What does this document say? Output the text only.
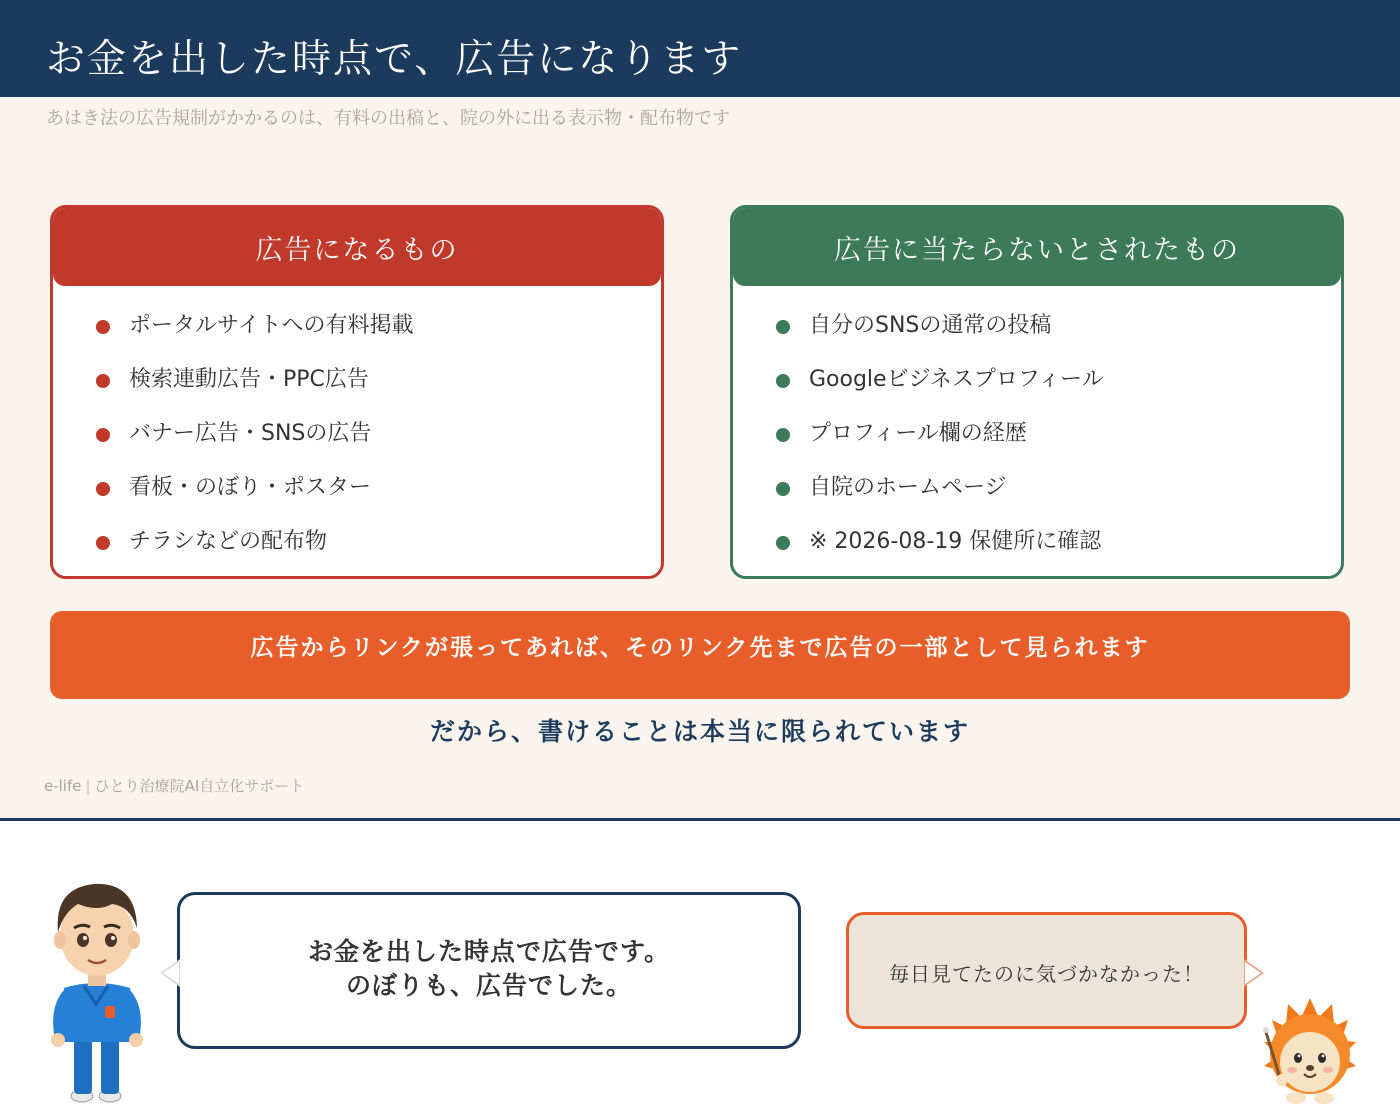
お金を出した時点で、広告になります
あはき法の広告規制がかかるのは、有料の出稿と、院の外に出る表示物・配布物です
広告になるもの
ポータルサイトへの有料掲載
検索連動広告・PPC広告
バナー広告・SNSの広告
看板・のぼり・ポスター
チラシなどの配布物
広告に当たらないとされたもの
自分のSNSの通常の投稿
Googleビジネスプロフィール
プロフィール欄の経歴
自院のホームページ
※ 2026-08-19 保健所に確認
広告からリンクが張ってあれば、そのリンク先まで広告の一部として見られます
だから、書けることは本当に限られています
e-life | ひとり治療院AI自立化サポート
お金を出した時点で広告です。
のぼりも、広告でした。	毎日見てたのに気づかなかった！
